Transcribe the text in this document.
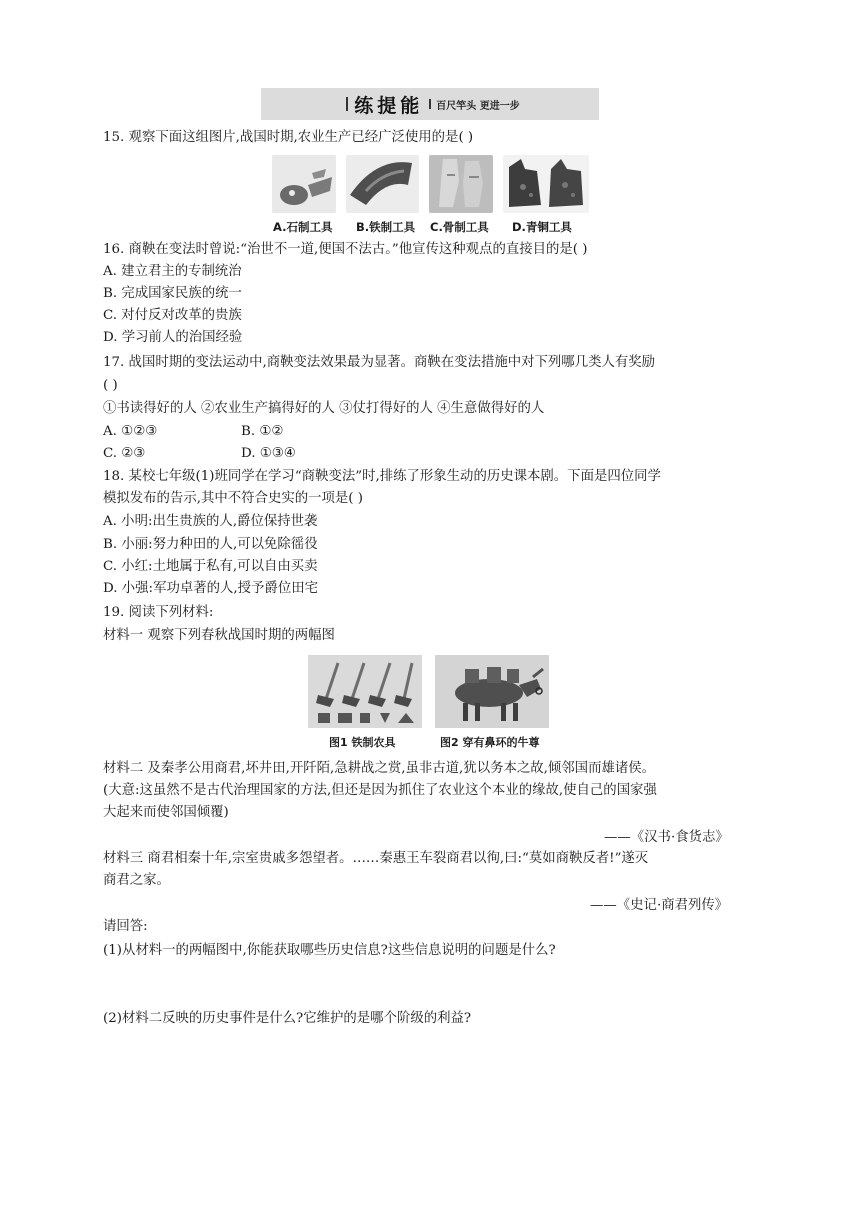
练提能 百尺竿头 更进一步
15. 观察下面这组图片,战国时期,农业生产已经广泛使用的是( )
A.石制工具 B.铁制工具 C.骨制工具 D.青铜工具
16. 商鞅在变法时曾说:“治世不一道,便国不法古。”他宣传这种观点的直接目的是( )
A. 建立君主的专制统治
B. 完成国家民族的统一
C. 对付反对改革的贵族
D. 学习前人的治国经验
17. 战国时期的变法运动中,商鞅变法效果最为显著。商鞅在变法措施中对下列哪几类人有奖励
( )
①书读得好的人 ②农业生产搞得好的人 ③仗打得好的人 ④生意做得好的人
A. ①②③	B. ①②
C. ②③	D. ①③④
18. 某校七年级(1)班同学在学习“商鞅变法”时,排练了形象生动的历史课本剧。下面是四位同学
模拟发布的告示,其中不符合史实的一项是( )
A. 小明:出生贵族的人,爵位保持世袭
B. 小丽:努力种田的人,可以免除徭役
C. 小红:土地属于私有,可以自由买卖
D. 小强:军功卓著的人,授予爵位田宅
19. 阅读下列材料:
材料一 观察下列春秋战国时期的两幅图
图1 铁制农具	图2 穿有鼻环的牛尊
材料二 及秦孝公用商君,坏井田,开阡陌,急耕战之赏,虽非古道,犹以务本之故,倾邻国而雄诸侯。
(大意:这虽然不是古代治理国家的方法,但还是因为抓住了农业这个本业的缘故,使自己的国家强
大起来而使邻国倾覆)
——《汉书·食货志》
材料三 商君相秦十年,宗室贵戚多怨望者。……秦惠王车裂商君以徇,曰:“莫如商鞅反者!”遂灭
商君之家。
——《史记·商君列传》
请回答:
(1)从材料一的两幅图中,你能获取哪些历史信息?这些信息说明的问题是什么?
(2)材料二反映的历史事件是什么?它维护的是哪个阶级的利益?
